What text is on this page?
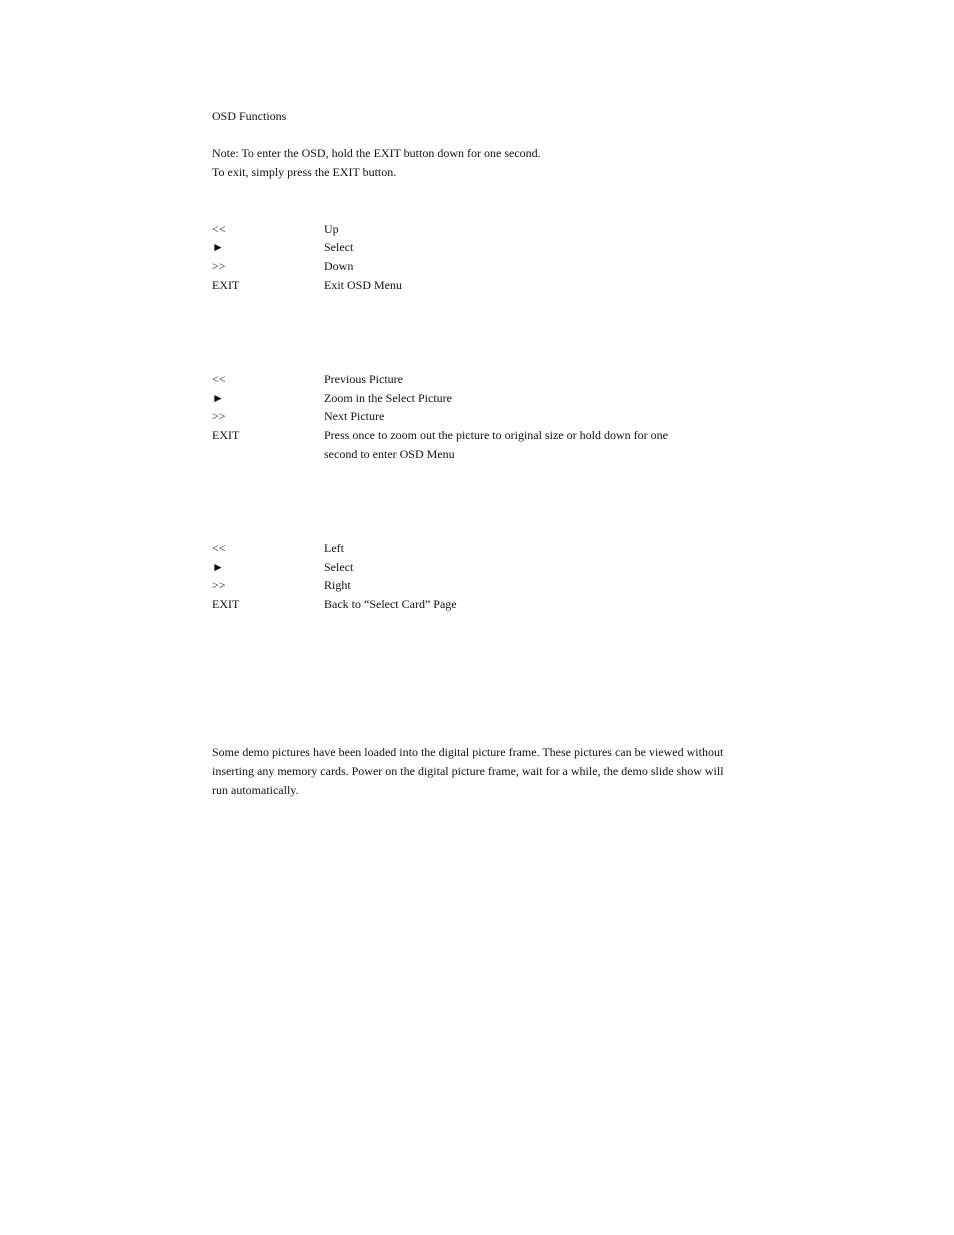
OSD Functions
Note: To enter the OSD, hold the EXIT button down for one second.
To exit, simply press the EXIT button.
<<	Up
►	Select
>>	Down
EXIT	Exit OSD Menu
<<	Previous Picture
►	Zoom in the Select Picture
>>	Next Picture
EXIT	Press once to zoom out the picture to original size or hold down for one
second to enter OSD Menu
<<	Left
►	Select
>>	Right
EXIT	Back to “Select Card” Page
Some demo pictures have been loaded into the digital picture frame. These pictures can be viewed without
inserting any memory cards. Power on the digital picture frame, wait for a while, the demo slide show will
run automatically.
